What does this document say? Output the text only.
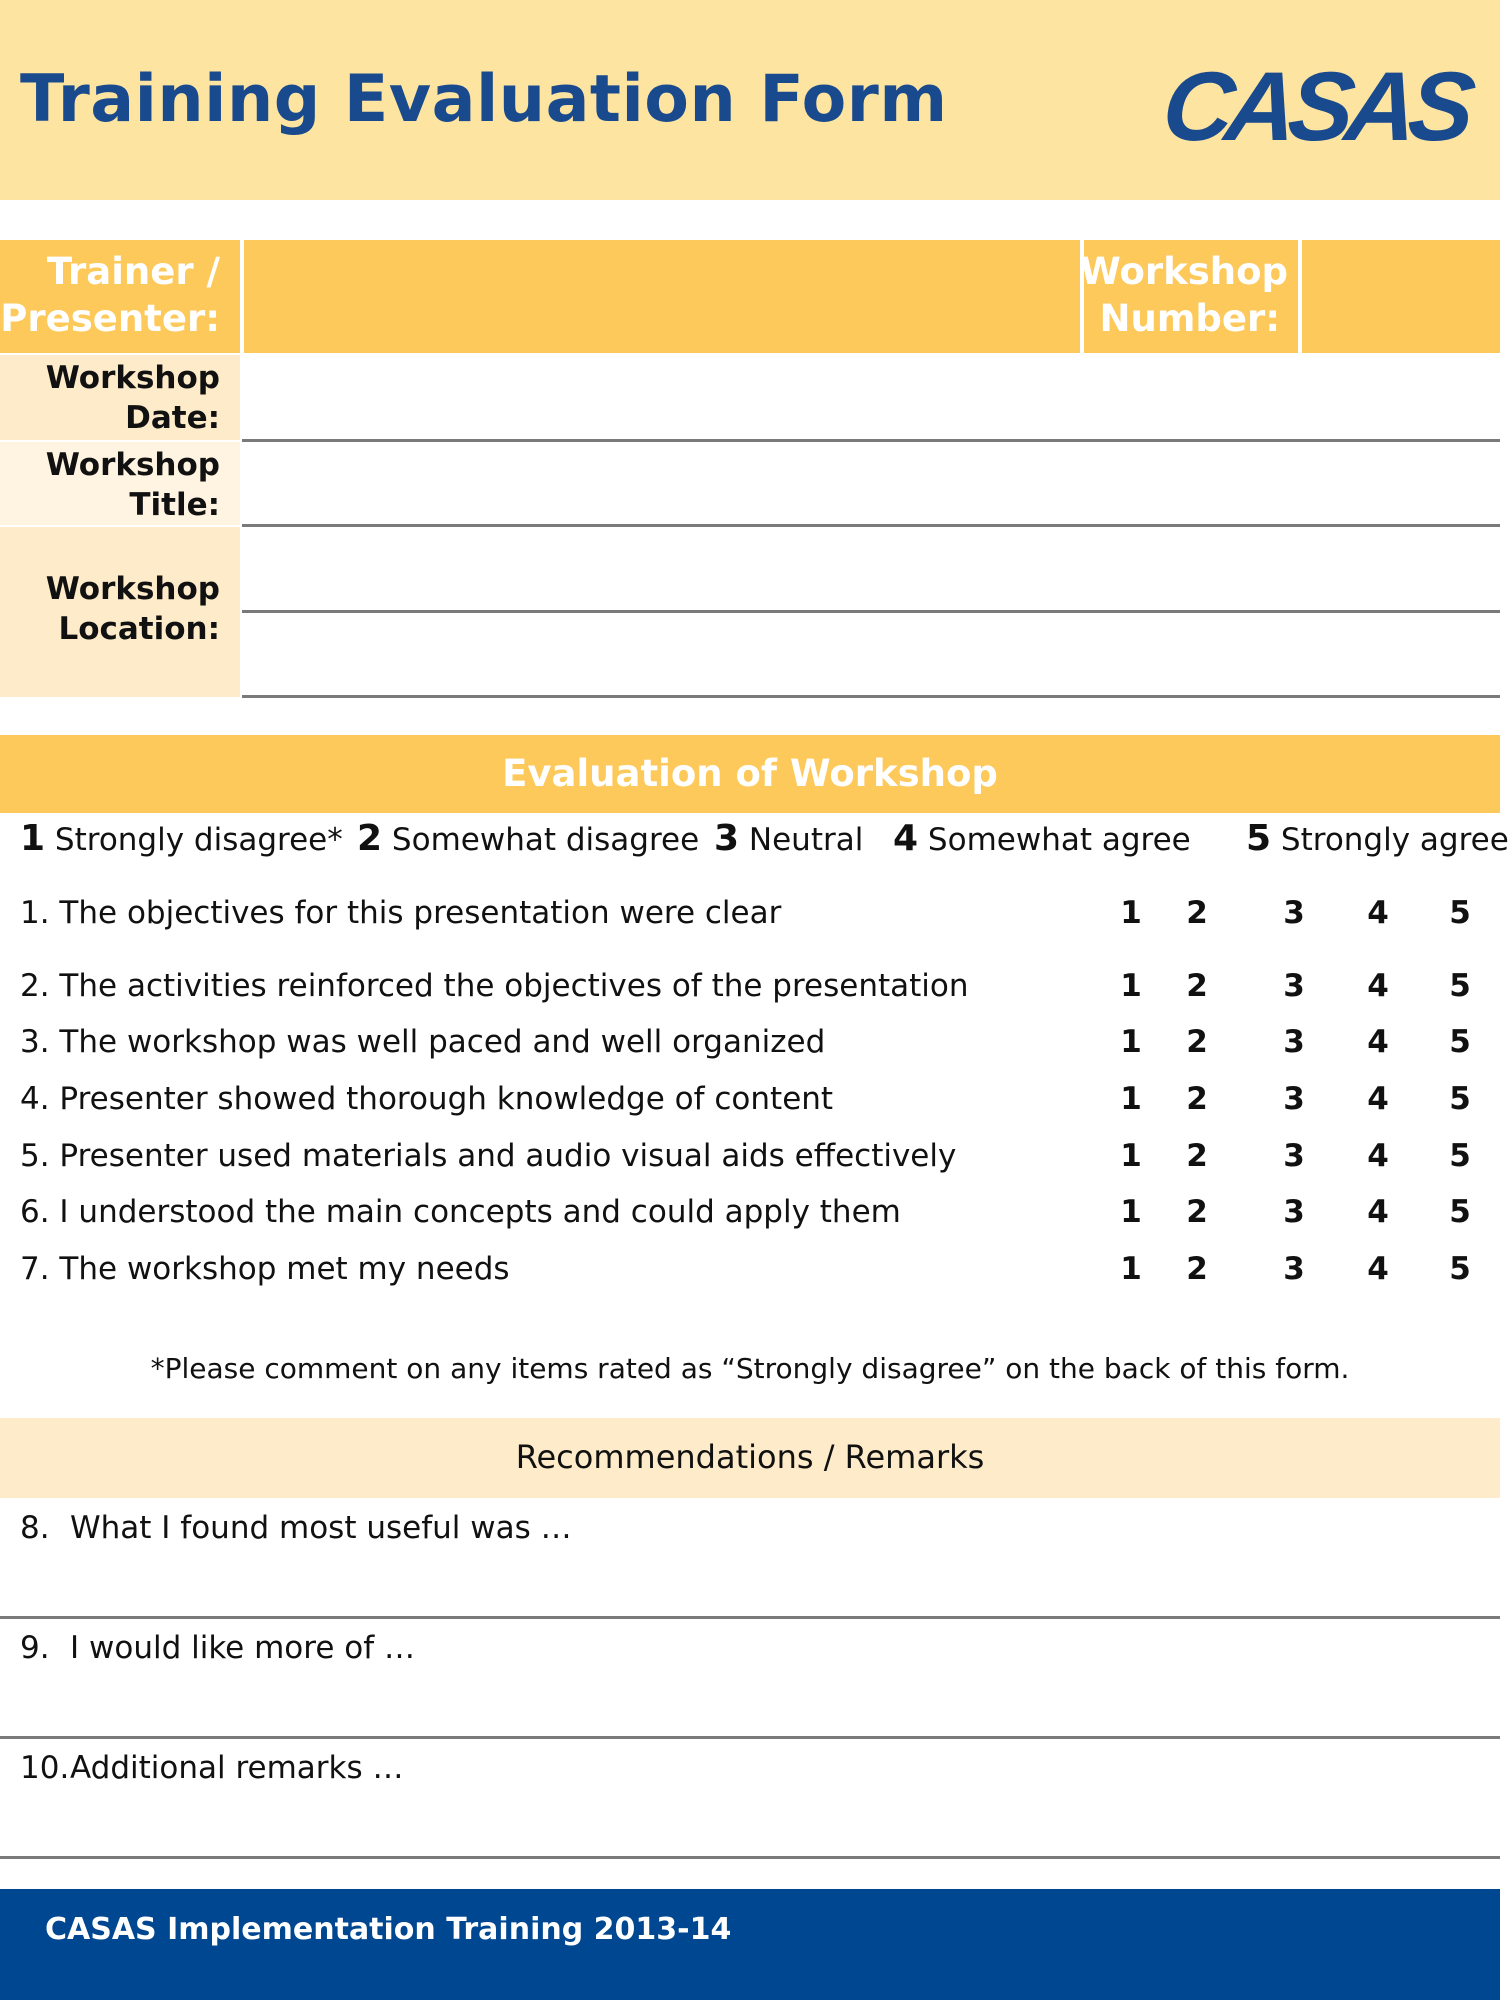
Training Evaluation Form CASAS
Trainer /
Presenter:
Workshop
Number:
Workshop
Date:
Workshop
Title:
Workshop
Location:
Evaluation of Workshop
1 Strongly disagree* 2 Somewhat disagree 3 Neutral 4 Somewhat agree 5 Strongly agree
1. The objectives for this presentation were clear	1 2 3 4 5
2. The activities reinforced the objectives of the presentation	1 2 3 4 5
3. The workshop was well paced and well organized	1 2 3 4 5
4. Presenter showed thorough knowledge of content	1 2 3 4 5
5. Presenter used materials and audio visual aids effectively	1 2 3 4 5
6. I understood the main concepts and could apply them	1 2 3 4 5
7. The workshop met my needs	1 2 3 4 5
*Please comment on any items rated as “Strongly disagree” on the back of this form.
Recommendations / Remarks
8. What I found most useful was …
9. I would like more of …
10. Additional remarks …
CASAS Implementation Training 2013-14
